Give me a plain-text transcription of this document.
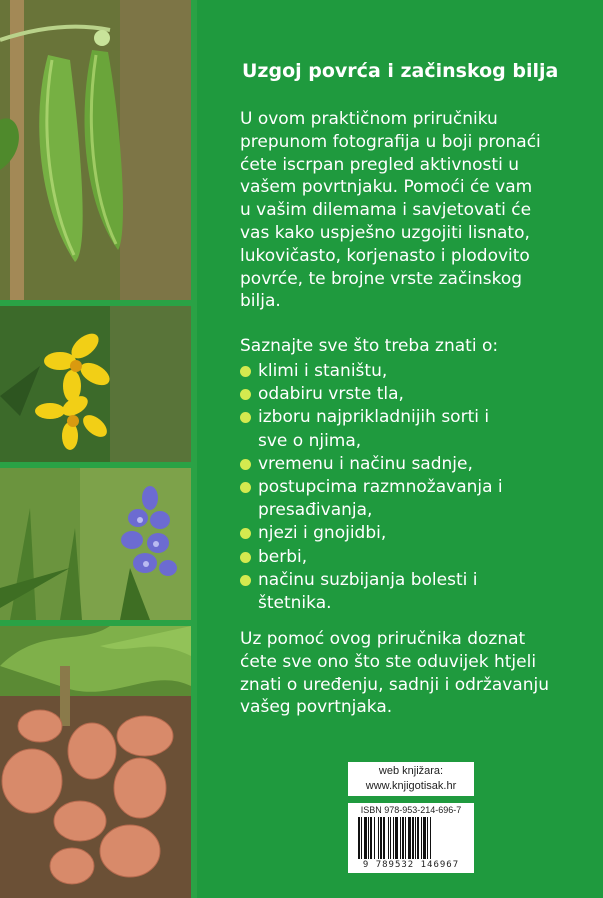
Uzgoj povrća i začinskog bilja
U ovom praktičnom priručniku
prepunom fotografija u boji pronaći
ćete iscrpan pregled aktivnosti u
vašem povrtnjaku. Pomoći će vam
u vašim dilemama i savjetovati će
vas kako uspješno uzgojiti lisnato,
lukovičasto, korjenasto i plodovito
povrće, te brojne vrste začinskog
bilja.
Saznajte sve što treba znati o:
klimi i staništu,
odabiru vrste tla,
izboru najprikladnijih sorti i
sve o njima,
vremenu i načinu sadnje,
postupcima razmnožavanja i
presađivanja,
njezi i gnojidbi,
berbi,
načinu suzbijanja bolesti i
štetnika.
Uz pomoć ovog priručnika doznat
ćete sve ono što ste oduvijek htjeli
znati o uređenju, sadnji i održavanju
vašeg povrtnjaka.
web knjižara:
www.knjigotisak.hr
ISBN 978-953-214-696-7
9 789532 146967
